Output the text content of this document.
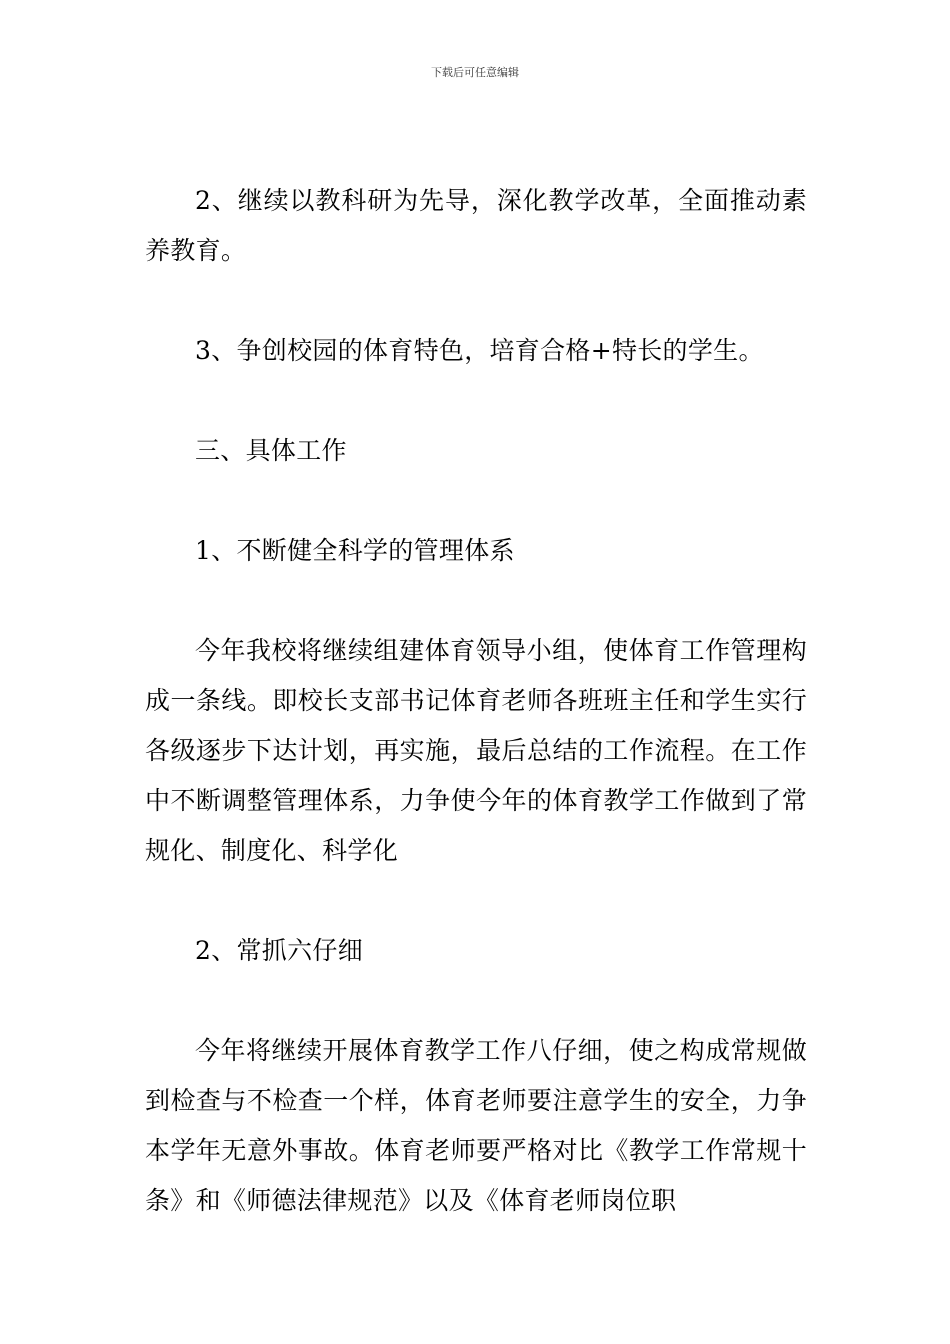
下载后可任意编辑

2、继续以教科研为先导，深化教学改革，全面推动素养教育。

3、争创校园的体育特色，培育合格+特长的学生。

三、具体工作

1、不断健全科学的管理体系

今年我校将继续组建体育领导小组，使体育工作管理构成一条线。即校长支部书记体育老师各班班主任和学生实行各级逐步下达计划，再实施，最后总结的工作流程。在工作中不断调整管理体系，力争使今年的体育教学工作做到了常规化、制度化、科学化

2、常抓六仔细

今年将继续开展体育教学工作八仔细，使之构成常规做到检查与不检查一个样，体育老师要注意学生的安全，力争本学年无意外事故。体育老师要严格对比《教学工作常规十条》和《师德法律规范》以及《体育老师岗位职
